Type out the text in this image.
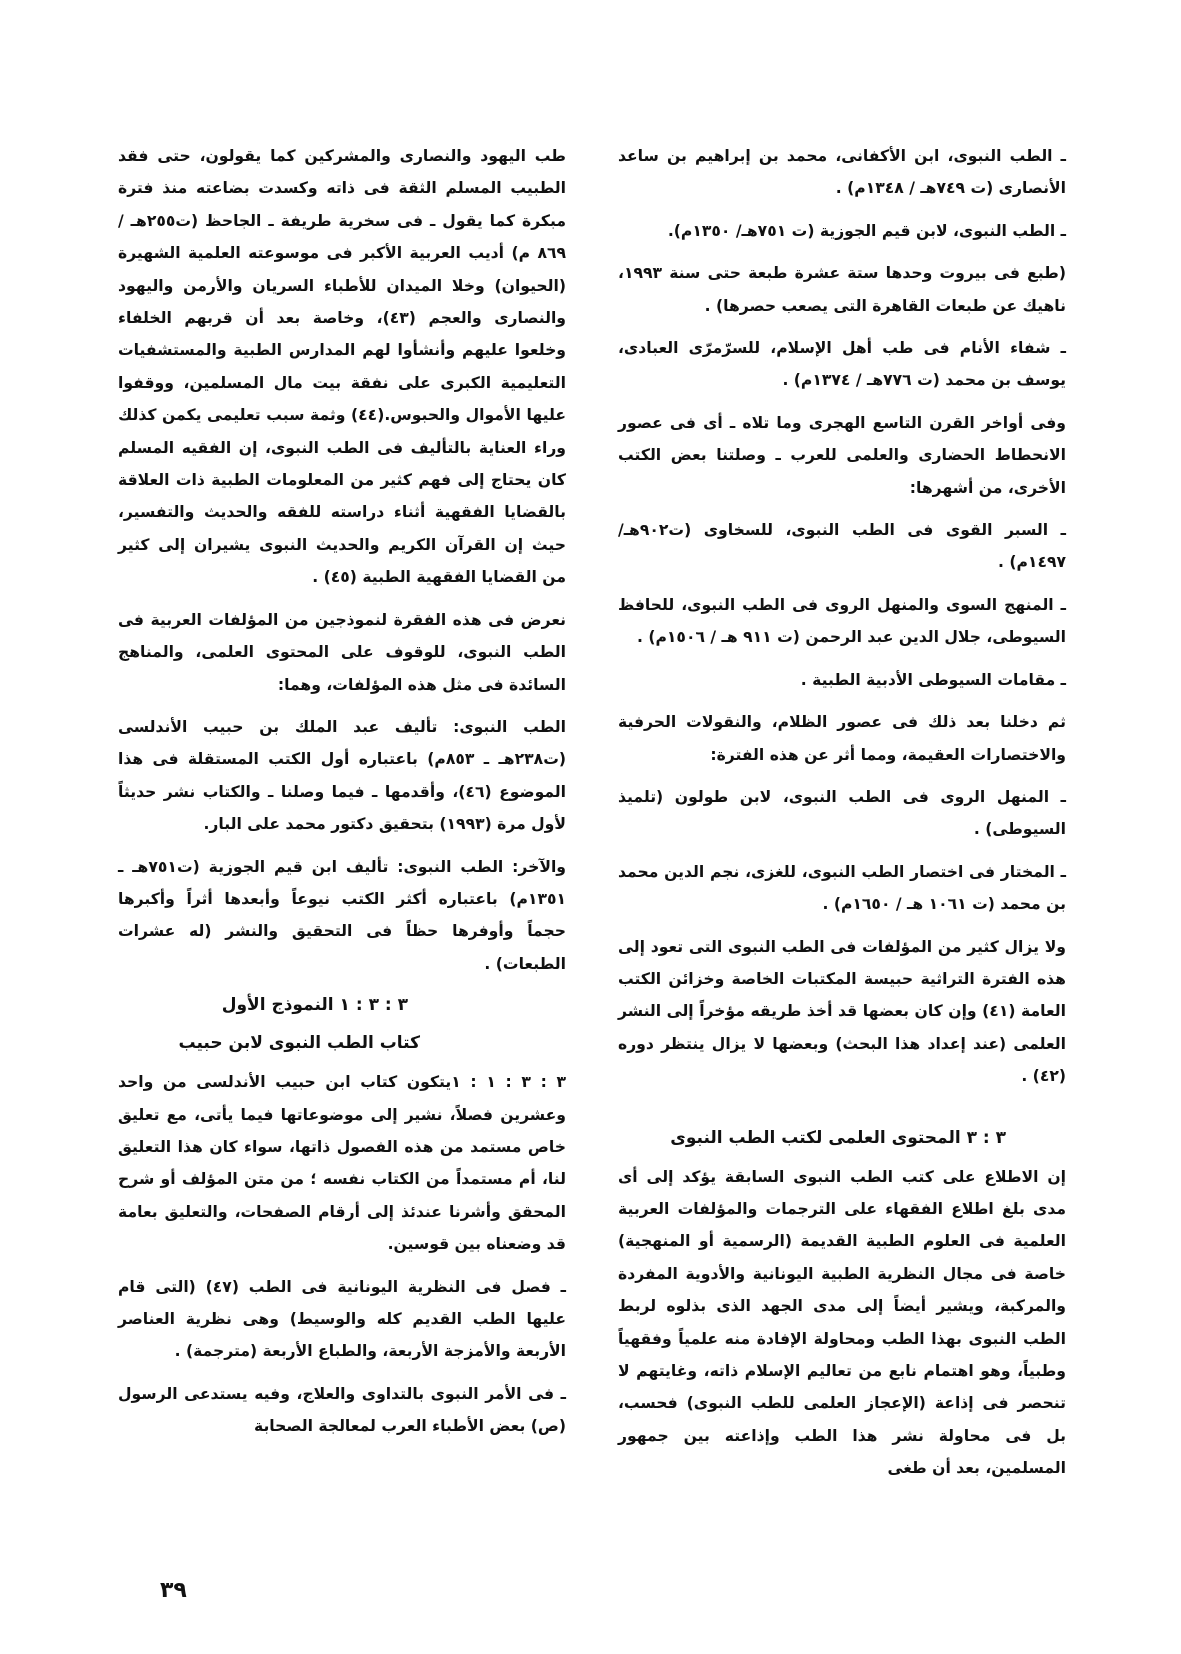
ـ الطب النبوى، ابن الأكفانى، محمد بن إبراهيم بن ساعد الأنصارى (ت ٧٤٩هـ / ١٣٤٨م) .

ـ الطب النبوى، لابن قيم الجوزية (ت ٧٥١هـ/ ١٣٥٠م).

(طبع فى بيروت وحدها ستة عشرة طبعة حتى سنة ١٩٩٣، ناهيك عن طبعات القاهرة التى يصعب حصرها) .

ـ شفاء الأنام فى طب أهل الإسلام، للسرّمرّى العبادى، يوسف بن محمد (ت ٧٧٦هـ / ١٣٧٤م) .

وفى أواخر القرن التاسع الهجرى وما تلاه ـ أى فى عصور الانحطاط الحضارى والعلمى للعرب ـ وصلتنا بعض الكتب الأخرى، من أشهرها:

ـ السبر القوى فى الطب النبوى، للسخاوى (ت٩٠٢هـ/١٤٩٧م) .

ـ المنهج السوى والمنهل الروى فى الطب النبوى، للحافظ السيوطى، جلال الدين عبد الرحمن (ت ٩١١ هـ / ١٥٠٦م) .

ـ مقامات السيوطى الأدبية الطبية .

ثم دخلنا بعد ذلك فى عصور الظلام، والنقولات الحرفية والاختصارات العقيمة، ومما أثر عن هذه الفترة:

ـ المنهل الروى فى الطب النبوى، لابن طولون (تلميذ السيوطى) .

ـ المختار فى اختصار الطب النبوى، للغزى، نجم الدين محمد بن محمد (ت ١٠٦١ هـ / ١٦٥٠م) .

ولا يزال كثير من المؤلفات فى الطب النبوى التى تعود إلى هذه الفترة التراثية حبيسة المكتبات الخاصة وخزائن الكتب العامة (٤١) وإن كان بعضها قد أخذ طريقه مؤخراً إلى النشر العلمى (عند إعداد هذا البحث) وبعضها لا يزال ينتظر دوره (٤٢) .

٣ : ٣ المحتوى العلمى لكتب الطب النبوى

إن الاطلاع على كتب الطب النبوى السابقة يؤكد إلى أى مدى بلغ اطلاع الفقهاء على الترجمات والمؤلفات العربية العلمية فى العلوم الطبية القديمة (الرسمية أو المنهجية) خاصة فى مجال النظرية الطبية اليونانية والأدوية المفردة والمركبة، ويشير أيضاً إلى مدى الجهد الذى بذلوه لربط الطب النبوى بهذا الطب ومحاولة الإفادة منه علمياً وفقهياً وطبياً، وهو اهتمام نابع من تعاليم الإسلام ذاته، وغايتهم لا تنحصر فى إذاعة (الإعجاز العلمى للطب النبوى) فحسب، بل فى محاولة نشر هذا الطب وإذاعته بين جمهور المسلمين، بعد أن طغى

طب اليهود والنصارى والمشركين كما يقولون، حتى فقد الطبيب المسلم الثقة فى ذاته وكسدت بضاعته منذ فترة مبكرة كما يقول ـ فى سخرية طريفة ـ الجاحظ (ت٢٥٥هـ / ٨٦٩ م) أديب العربية الأكبر فى موسوعته العلمية الشهيرة (الحيوان) وخلا الميدان للأطباء السريان والأرمن واليهود والنصارى والعجم (٤٣)، وخاصة بعد أن قربهم الخلفاء وخلعوا عليهم وأنشأوا لهم المدارس الطبية والمستشفيات التعليمية الكبرى على نفقة بيت مال المسلمين، ووقفوا عليها الأموال والحبوس.(٤٤) وثمة سبب تعليمى يكمن كذلك وراء العناية بالتأليف فى الطب النبوى، إن الفقيه المسلم كان يحتاج إلى فهم كثير من المعلومات الطبية ذات العلاقة بالقضايا الفقهية أثناء دراسته للفقه والحديث والتفسير، حيث إن القرآن الكريم والحديث النبوى يشيران إلى كثير من القضايا الفقهية الطبية (٤٥) .

نعرض فى هذه الفقرة لنموذجين من المؤلفات العربية فى الطب النبوى، للوقوف على المحتوى العلمى، والمناهج السائدة فى مثل هذه المؤلفات، وهما:

الطب النبوى: تأليف عبد الملك بن حبيب الأندلسى (ت٢٣٨هـ ـ ٨٥٣م) باعتباره أول الكتب المستقلة فى هذا الموضوع (٤٦)، وأقدمها ـ فيما وصلنا ـ والكتاب نشر حديثاً لأول مرة (١٩٩٣) بتحقيق دكتور محمد على البار.

والآخر: الطب النبوى: تأليف ابن قيم الجوزية (ت٧٥١هـ ـ ١٣٥١م) باعتباره أكثر الكتب نيوعاً وأبعدها أثراً وأكبرها حجماً وأوفرها حظاً فى التحقيق والنشر (له عشرات الطبعات) .

٣ : ٣ : ١ النموذج الأول
كتاب الطب النبوى لابن حبيب

٣ : ٣ : ١ : ١يتكون كتاب ابن حبيب الأندلسى من واحد وعشرين فصلاً، نشير إلى موضوعاتها فيما يأتى، مع تعليق خاص مستمد من هذه الفصول ذاتها، سواء كان هذا التعليق لنا، أم مستمداً من الكتاب نفسه ؛ من متن المؤلف أو شرح المحقق وأشرنا عندئذ إلى أرقام الصفحات، والتعليق بعامة قد وضعناه بين قوسين.

ـ فصل فى النظرية اليونانية فى الطب (٤٧) (التى قام عليها الطب القديم كله والوسيط) وهى نظرية العناصر الأربعة والأمزجة الأربعة، والطباع الأربعة (مترجمة) .

ـ فى الأمر النبوى بالتداوى والعلاج، وفيه يستدعى الرسول (ص) بعض الأطباء العرب لمعالجة الصحابة

٣٩
